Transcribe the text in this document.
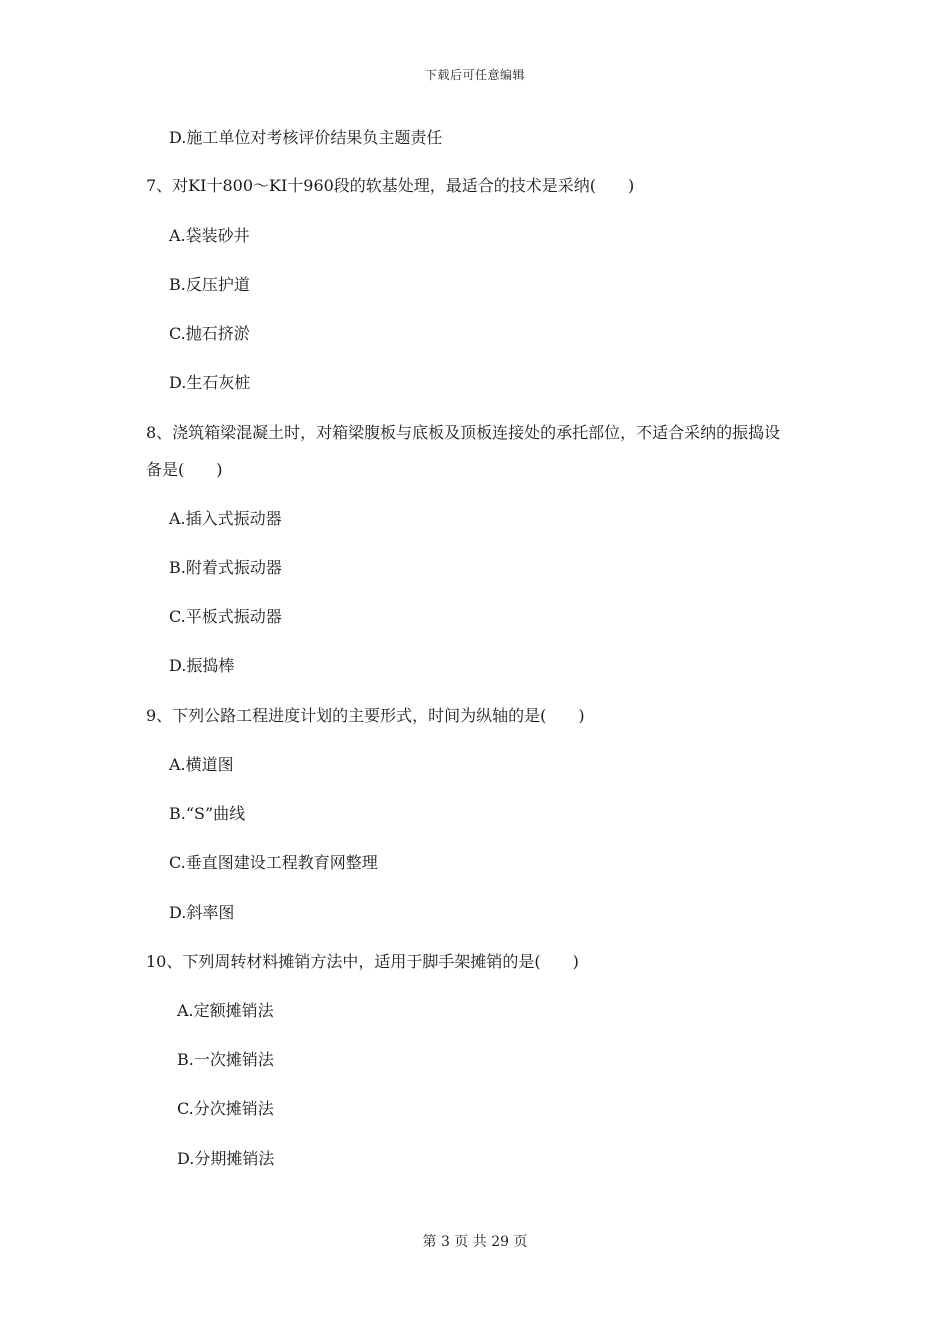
下载后可任意编辑
D.施工单位对考核评价结果负主题责任
7、对KI十800～KI十960段的软基处理，最适合的技术是采纳(　　)
A.袋装砂井
B.反压护道
C.抛石挤淤
D.生石灰桩
8、浇筑箱梁混凝土时，对箱梁腹板与底板及顶板连接处的承托部位，不适合采纳的振捣设
备是(　　)
A.插入式振动器
B.附着式振动器
C.平板式振动器
D.振捣棒
9、下列公路工程进度计划的主要形式，时间为纵轴的是(　　)
A.横道图
B.“S”曲线
C.垂直图建设工程教育网整理
D.斜率图
10、下列周转材料摊销方法中，适用于脚手架摊销的是(　　)
A.定额摊销法
B.一次摊销法
C.分次摊销法
D.分期摊销法
第 3 页 共 29 页
